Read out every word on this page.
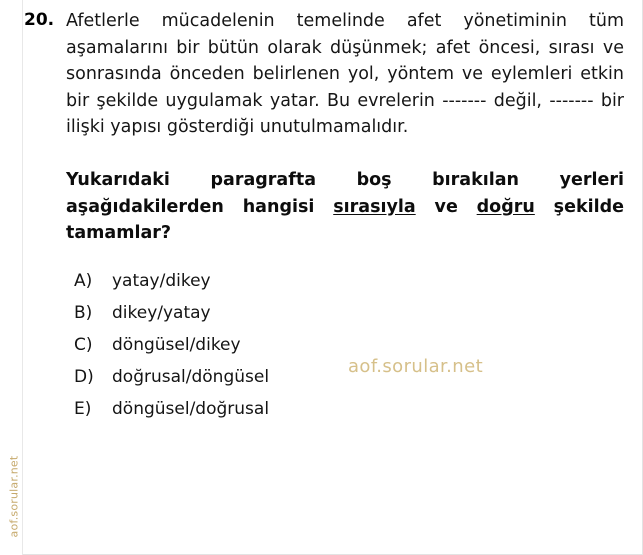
aof.sorular.net
20. Afetlerle mücadelenin temelinde afet yönetiminin tüm aşamalarını bir bütün olarak düşünmek; afet öncesi, sırası ve sonrasında önceden belirlenen yol, yöntem ve eylemleri etkin bir şekilde uygulamak yatar. Bu evrelerin ------- değil, ------- bir ilişki yapısı gösterdiği unutulmamalıdır.
Yukarıdaki paragrafta boş bırakılan yerleri aşağıdakilerden hangisi sırasıyla ve doğru şekilde tamamlar?
A)	yatay/dikey
B)	dikey/yatay
C)	döngüsel/dikey
D)	doğrusal/döngüsel
E)	döngüsel/doğrusal
aof.sorular.net
